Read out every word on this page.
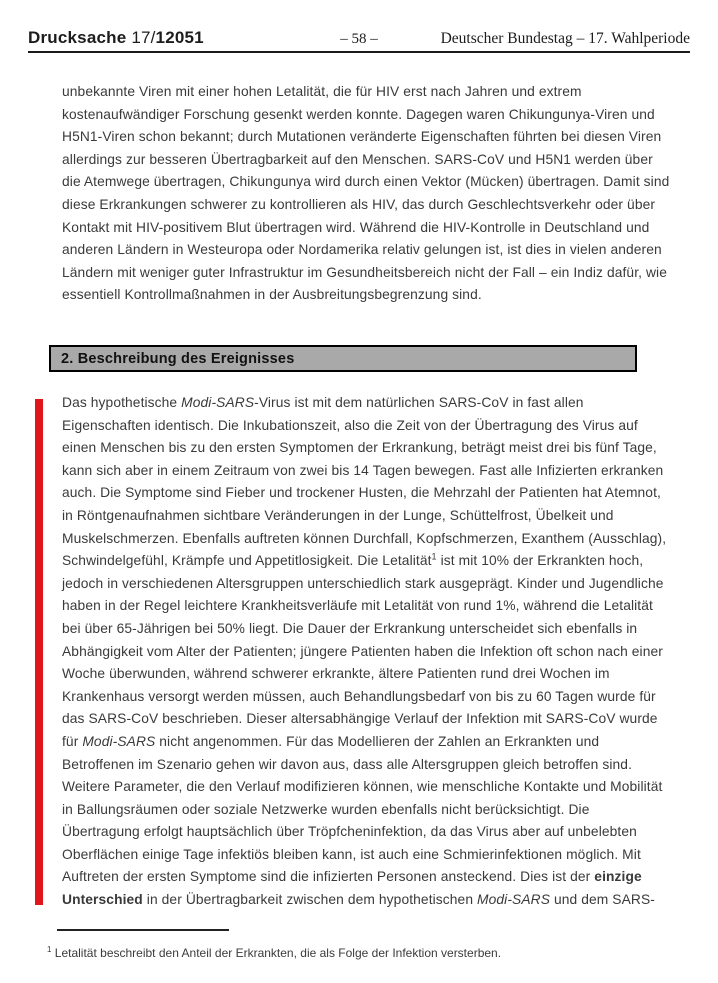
Drucksache 17/12051	– 58 –	Deutscher Bundestag – 17. Wahlperiode
unbekannte Viren mit einer hohen Letalität, die für HIV erst nach Jahren und extrem
kostenaufwändiger Forschung gesenkt werden konnte. Dagegen waren Chikungunya-Viren und
H5N1-Viren schon bekannt; durch Mutationen veränderte Eigenschaften führten bei diesen Viren
allerdings zur besseren Übertragbarkeit auf den Menschen. SARS-CoV und H5N1 werden über
die Atemwege übertragen, Chikungunya wird durch einen Vektor (Mücken) übertragen. Damit sind
diese Erkrankungen schwerer zu kontrollieren als HIV, das durch Geschlechtsverkehr oder über
Kontakt mit HIV-positivem Blut übertragen wird. Während die HIV-Kontrolle in Deutschland und
anderen Ländern in Westeuropa oder Nordamerika relativ gelungen ist, ist dies in vielen anderen
Ländern mit weniger guter Infrastruktur im Gesundheitsbereich nicht der Fall – ein Indiz dafür, wie
essentiell Kontrollmaßnahmen in der Ausbreitungsbegrenzung sind.
2. Beschreibung des Ereignisses
Das hypothetische Modi-SARS-Virus ist mit dem natürlichen SARS-CoV in fast allen
Eigenschaften identisch. Die Inkubationszeit, also die Zeit von der Übertragung des Virus auf
einen Menschen bis zu den ersten Symptomen der Erkrankung, beträgt meist drei bis fünf Tage,
kann sich aber in einem Zeitraum von zwei bis 14 Tagen bewegen. Fast alle Infizierten erkranken
auch. Die Symptome sind Fieber und trockener Husten, die Mehrzahl der Patienten hat Atemnot,
in Röntgenaufnahmen sichtbare Veränderungen in der Lunge, Schüttelfrost, Übelkeit und
Muskelschmerzen. Ebenfalls auftreten können Durchfall, Kopfschmerzen, Exanthem (Ausschlag),
Schwindelgefühl, Krämpfe und Appetitlosigkeit. Die Letalität$^1$ ist mit 10% der Erkrankten hoch,
jedoch in verschiedenen Altersgruppen unterschiedlich stark ausgeprägt. Kinder und Jugendliche
haben in der Regel leichtere Krankheitsverläufe mit Letalität von rund 1%, während die Letalität
bei über 65-Jährigen bei 50% liegt. Die Dauer der Erkrankung unterscheidet sich ebenfalls in
Abhängigkeit vom Alter der Patienten; jüngere Patienten haben die Infektion oft schon nach einer
Woche überwunden, während schwerer erkrankte, ältere Patienten rund drei Wochen im
Krankenhaus versorgt werden müssen, auch Behandlungsbedarf von bis zu 60 Tagen wurde für
das SARS-CoV beschrieben. Dieser altersabhängige Verlauf der Infektion mit SARS-CoV wurde
für Modi-SARS nicht angenommen. Für das Modellieren der Zahlen an Erkrankten und
Betroffenen im Szenario gehen wir davon aus, dass alle Altersgruppen gleich betroffen sind.
Weitere Parameter, die den Verlauf modifizieren können, wie menschliche Kontakte und Mobilität
in Ballungsräumen oder soziale Netzwerke wurden ebenfalls nicht berücksichtigt. Die
Übertragung erfolgt hauptsächlich über Tröpfcheninfektion, da das Virus aber auf unbelebten
Oberflächen einige Tage infektiös bleiben kann, ist auch eine Schmierinfektionen möglich. Mit
Auftreten der ersten Symptome sind die infizierten Personen ansteckend. Dies ist der einzige
Unterschied in der Übertragbarkeit zwischen dem hypothetischen Modi-SARS und dem SARS-
$^1$ Letalität beschreibt den Anteil der Erkrankten, die als Folge der Infektion versterben.
